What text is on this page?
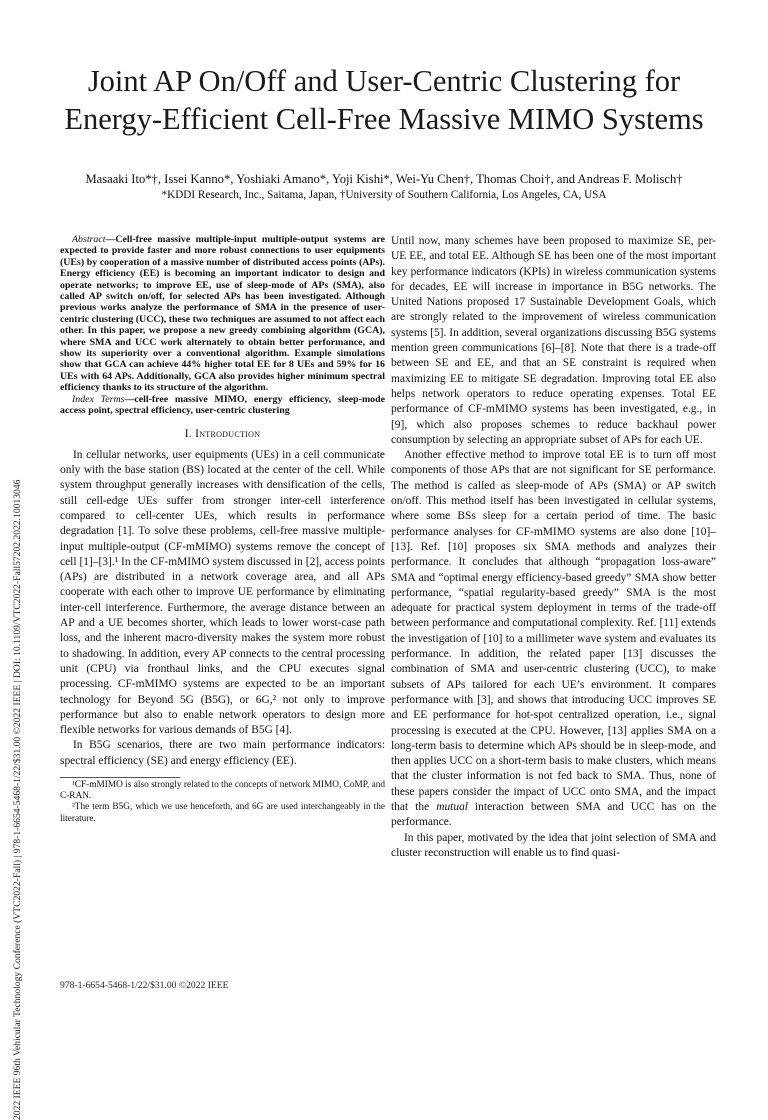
2022 IEEE 96th Vehicular Technology Conference (VTC2022-Fall) | 978-1-6654-5468-1/22/$31.00 ©2022 IEEE | DOI: 10.1109/VTC2022-Fall57202.2022.10013046
Joint AP On/Off and User-Centric Clustering for
Energy-Efficient Cell-Free Massive MIMO Systems
Masaaki Ito*†, Issei Kanno*, Yoshiaki Amano*, Yoji Kishi*, Wei-Yu Chen†, Thomas Choi†, and Andreas F. Molisch†
*KDDI Research, Inc., Saitama, Japan, †University of Southern California, Los Angeles, CA, USA

Abstract—Cell-free massive multiple-input multiple-output systems are expected to provide faster and more robust connections to user equipments (UEs) by cooperation of a massive number of distributed access points (APs). Energy efficiency (EE) is becoming an important indicator to design and operate networks; to improve EE, use of sleep-mode of APs (SMA), also called AP switch on/off, for selected APs has been investigated. Although previous works analyze the performance of SMA in the presence of user-centric clustering (UCC), these two techniques are assumed to not affect each other. In this paper, we propose a new greedy combining algorithm (GCA), where SMA and UCC work alternately to obtain better performance, and show its superiority over a conventional algorithm. Example simulations show that GCA can achieve 44% higher total EE for 8 UEs and 59% for 16 UEs with 64 APs. Additionally, GCA also provides higher minimum spectral efficiency thanks to its structure of the algorithm.

Index Terms—cell-free massive MIMO, energy efficiency, sleep-mode access point, spectral efficiency, user-centric clustering

I. Introduction

In cellular networks, user equipments (UEs) in a cell communicate only with the base station (BS) located at the center of the cell. While system throughput generally increases with densification of the cells, still cell-edge UEs suffer from stronger inter-cell interference compared to cell-center UEs, which results in performance degradation [1]. To solve these problems, cell-free massive multiple-input multiple-output (CF-mMIMO) systems remove the concept of cell [1]–[3].¹ In the CF-mMIMO system discussed in [2], access points (APs) are distributed in a network coverage area, and all APs cooperate with each other to improve UE performance by eliminating inter-cell interference. Furthermore, the average distance between an AP and a UE becomes shorter, which leads to lower worst-case path loss, and the inherent macro-diversity makes the system more robust to shadowing. In addition, every AP connects to the central processing unit (CPU) via fronthaul links, and the CPU executes signal processing. CF-mMIMO systems are expected to be an important technology for Beyond 5G (B5G), or 6G,² not only to improve performance but also to enable network operators to design more flexible networks for various demands of B5G [4].

In B5G scenarios, there are two main performance indicators: spectral efficiency (SE) and energy efficiency (EE).

¹CF-mMIMO is also strongly related to the concepts of network MIMO, CoMP, and C-RAN.

²The term B5G, which we use henceforth, and 6G are used interchangeably in the literature.

Until now, many schemes have been proposed to maximize SE, per-UE EE, and total EE. Although SE has been one of the most important key performance indicators (KPIs) in wireless communication systems for decades, EE will increase in importance in B5G networks. The United Nations proposed 17 Sustainable Development Goals, which are strongly related to the improvement of wireless communication systems [5]. In addition, several organizations discussing B5G systems mention green communications [6]–[8]. Note that there is a trade-off between SE and EE, and that an SE constraint is required when maximizing EE to mitigate SE degradation. Improving total EE also helps network operators to reduce operating expenses. Total EE performance of CF-mMIMO systems has been investigated, e.g., in [9], which also proposes schemes to reduce backhaul power consumption by selecting an appropriate subset of APs for each UE.

Another effective method to improve total EE is to turn off most components of those APs that are not significant for SE performance. The method is called as sleep-mode of APs (SMA) or AP switch on/off. This method itself has been investigated in cellular systems, where some BSs sleep for a certain period of time. The basic performance analyses for CF-mMIMO systems are also done [10]–[13]. Ref. [10] proposes six SMA methods and analyzes their performance. It concludes that although “propagation loss-aware” SMA and “optimal energy efficiency-based greedy” SMA show better performance, “spatial regularity-based greedy” SMA is the most adequate for practical system deployment in terms of the trade-off between performance and computational complexity. Ref. [11] extends the investigation of [10] to a millimeter wave system and evaluates its performance. In addition, the related paper [13] discusses the combination of SMA and user-centric clustering (UCC), to make subsets of APs tailored for each UE’s environment. It compares performance with [3], and shows that introducing UCC improves SE and EE performance for hot-spot centralized operation, i.e., signal processing is executed at the CPU. However, [13] applies SMA on a long-term basis to determine which APs should be in sleep-mode, and then applies UCC on a short-term basis to make clusters, which means that the cluster information is not fed back to SMA. Thus, none of these papers consider the impact of UCC onto SMA, and the impact that the mutual interaction between SMA and UCC has on the performance.

In this paper, motivated by the idea that joint selection of SMA and cluster reconstruction will enable us to find quasi-

978-1-6654-5468-1/22/$31.00 ©2022 IEEE
